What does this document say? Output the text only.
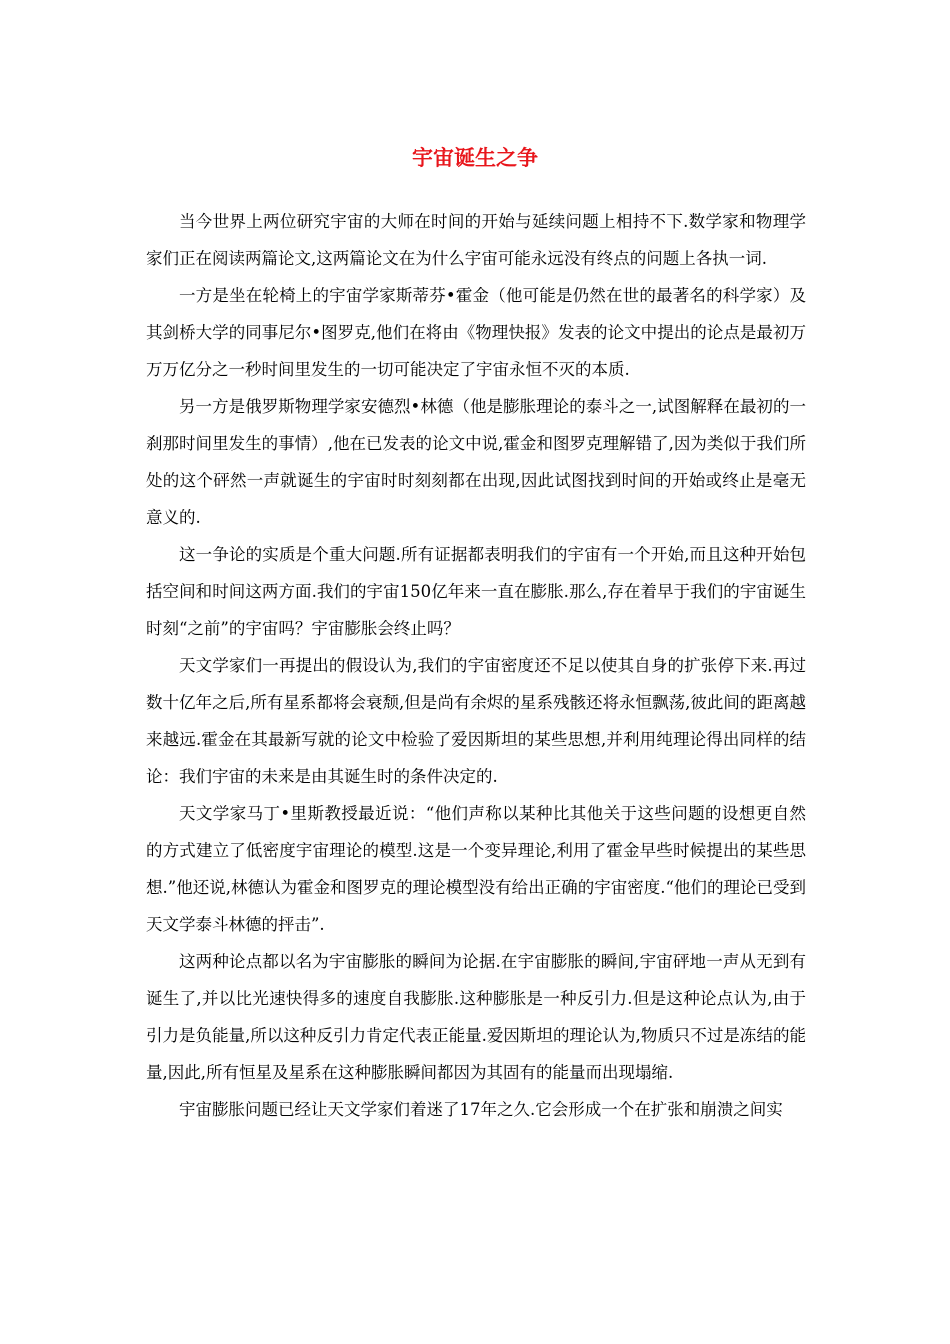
宇宙诞生之争

当今世界上两位研究宇宙的大师在时间的开始与延续问题上相持不下.数学家和物理学家们正在阅读两篇论文,这两篇论文在为什么宇宙可能永远没有终点的问题上各执一词.

一方是坐在轮椅上的宇宙学家斯蒂芬•霍金（他可能是仍然在世的最著名的科学家）及其剑桥大学的同事尼尔•图罗克,他们在将由《物理快报》发表的论文中提出的论点是最初万万万亿分之一秒时间里发生的一切可能决定了宇宙永恒不灭的本质.

另一方是俄罗斯物理学家安德烈•林德（他是膨胀理论的泰斗之一,试图解释在最初的一刹那时间里发生的事情）,他在已发表的论文中说,霍金和图罗克理解错了,因为类似于我们所处的这个砰然一声就诞生的宇宙时时刻刻都在出现,因此试图找到时间的开始或终止是毫无意义的.

这一争论的实质是个重大问题.所有证据都表明我们的宇宙有一个开始,而且这种开始包括空间和时间这两方面.我们的宇宙150亿年来一直在膨胀.那么,存在着早于我们的宇宙诞生时刻“之前”的宇宙吗？宇宙膨胀会终止吗？

天文学家们一再提出的假设认为,我们的宇宙密度还不足以使其自身的扩张停下来.再过数十亿年之后,所有星系都将会衰颓,但是尚有余烬的星系残骸还将永恒飘荡,彼此间的距离越来越远.霍金在其最新写就的论文中检验了爱因斯坦的某些思想,并利用纯理论得出同样的结论：我们宇宙的未来是由其诞生时的条件决定的.

天文学家马丁•里斯教授最近说：“他们声称以某种比其他关于这些问题的设想更自然的方式建立了低密度宇宙理论的模型.这是一个变异理论,利用了霍金早些时候提出的某些思想.”他还说,林德认为霍金和图罗克的理论模型没有给出正确的宇宙密度.“他们的理论已受到天文学泰斗林德的抨击”.

这两种论点都以名为宇宙膨胀的瞬间为论据.在宇宙膨胀的瞬间,宇宙砰地一声从无到有诞生了,并以比光速快得多的速度自我膨胀.这种膨胀是一种反引力.但是这种论点认为,由于引力是负能量,所以这种反引力肯定代表正能量.爱因斯坦的理论认为,物质只不过是冻结的能量,因此,所有恒星及星系在这种膨胀瞬间都因为其固有的能量而出现塌缩.

宇宙膨胀问题已经让天文学家们着迷了17年之久.它会形成一个在扩张和崩溃之间实
